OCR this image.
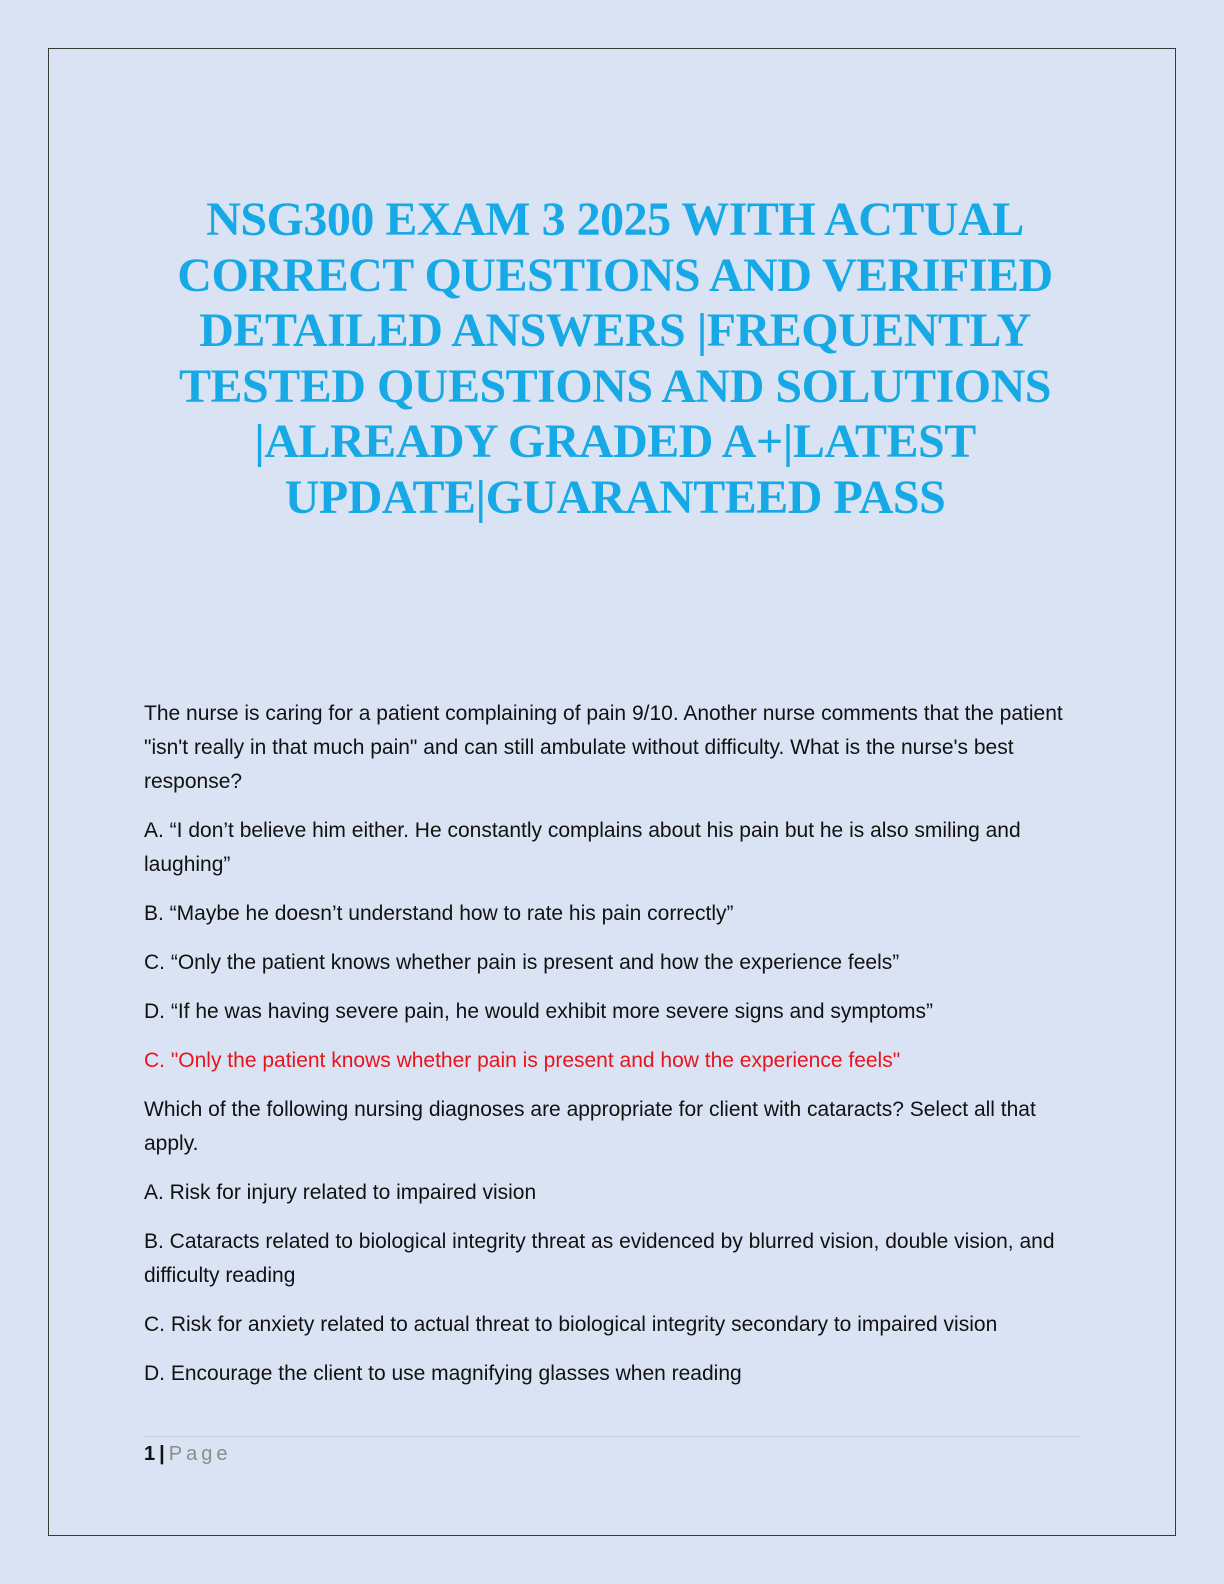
NSG300 EXAM 3 2025 WITH ACTUAL CORRECT QUESTIONS AND VERIFIED DETAILED ANSWERS |FREQUENTLY TESTED QUESTIONS AND SOLUTIONS |ALREADY GRADED A+|LATEST UPDATE|GUARANTEED PASS

The nurse is caring for a patient complaining of pain 9/10. Another nurse comments that the patient "isn't really in that much pain" and can still ambulate without difficulty. What is the nurse's best response?

A. “I don’t believe him either. He constantly complains about his pain but he is also smiling and laughing”

B. “Maybe he doesn’t understand how to rate his pain correctly”

C. “Only the patient knows whether pain is present and how the experience feels”

D. “If he was having severe pain, he would exhibit more severe signs and symptoms”

C. "Only the patient knows whether pain is present and how the experience feels"

Which of the following nursing diagnoses are appropriate for client with cataracts? Select all that apply.

A. Risk for injury related to impaired vision

B. Cataracts related to biological integrity threat as evidenced by blurred vision, double vision, and difficulty reading

C. Risk for anxiety related to actual threat to biological integrity secondary to impaired vision

D. Encourage the client to use magnifying glasses when reading

1 | Page
